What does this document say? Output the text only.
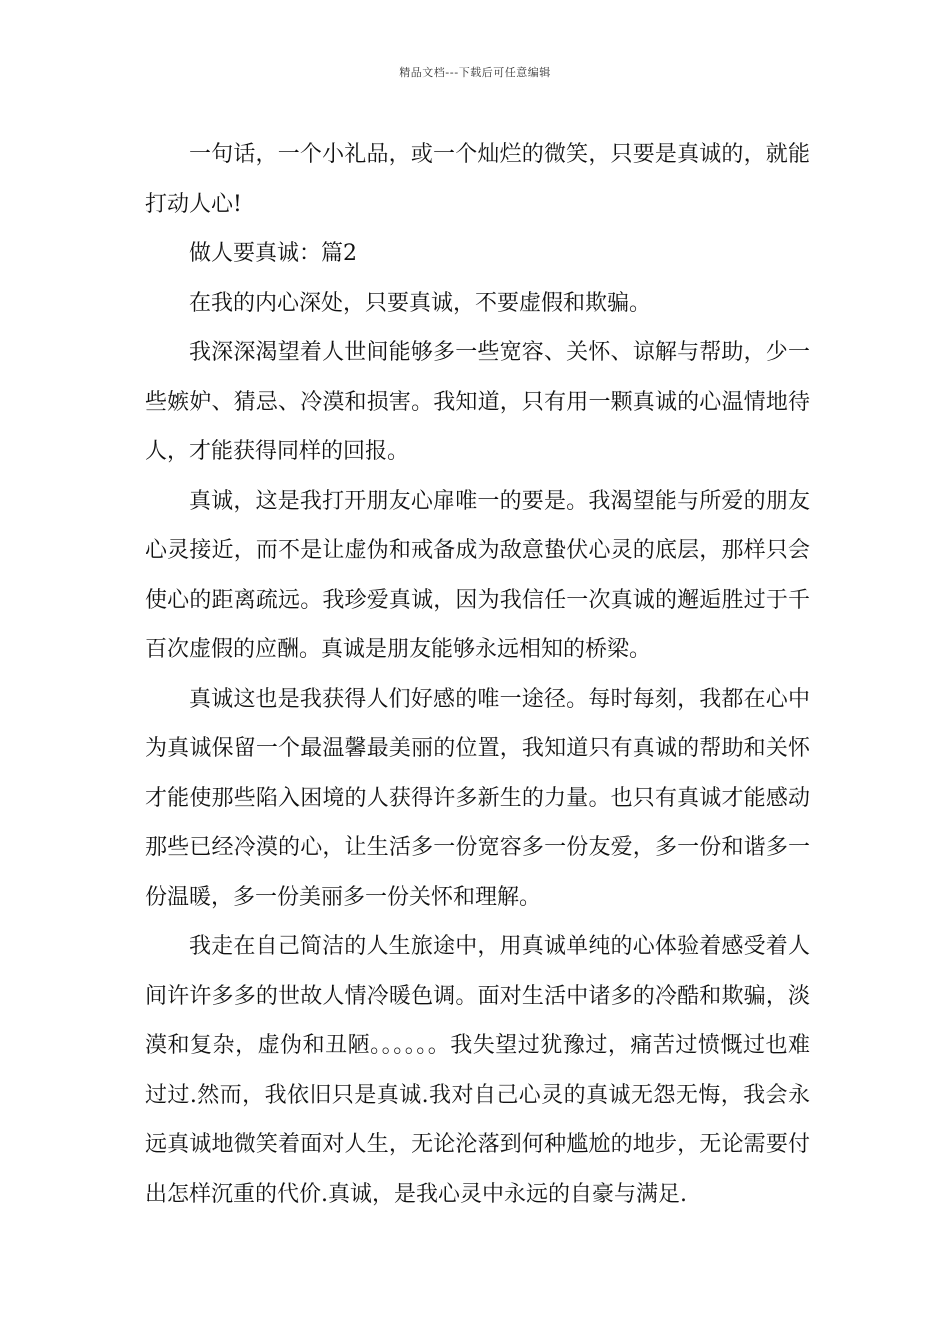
精品文档---下载后可任意编辑

一句话，一个小礼品，或一个灿烂的微笑，只要是真诚的，就能打动人心!

做人要真诚：篇2

在我的内心深处，只要真诚，不要虚假和欺骗。

我深深渴望着人世间能够多一些宽容、关怀、谅解与帮助，少一些嫉妒、猜忌、冷漠和损害。我知道，只有用一颗真诚的心温情地待人，才能获得同样的回报。

真诚，这是我打开朋友心扉唯一的要是。我渴望能与所爱的朋友心灵接近，而不是让虚伪和戒备成为敌意蛰伏心灵的底层，那样只会使心的距离疏远。我珍爱真诚，因为我信任一次真诚的邂逅胜过于千百次虚假的应酬。真诚是朋友能够永远相知的桥梁。

真诚这也是我获得人们好感的唯一途径。每时每刻，我都在心中为真诚保留一个最温馨最美丽的位置，我知道只有真诚的帮助和关怀才能使那些陷入困境的人获得许多新生的力量。也只有真诚才能感动那些已经冷漠的心，让生活多一份宽容多一份友爱，多一份和谐多一份温暖，多一份美丽多一份关怀和理解。

我走在自己简洁的人生旅途中，用真诚单纯的心体验着感受着人间许许多多的世故人情冷暖色调。面对生活中诸多的冷酷和欺骗，淡漠和复杂，虚伪和丑陋。。。。。。我失望过犹豫过，痛苦过愤慨过也难过过.然而，我依旧只是真诚.我对自己心灵的真诚无怨无悔，我会永远真诚地微笑着面对人生，无论沦落到何种尴尬的地步，无论需要付出怎样沉重的代价.真诚，是我心灵中永远的自豪与满足.
